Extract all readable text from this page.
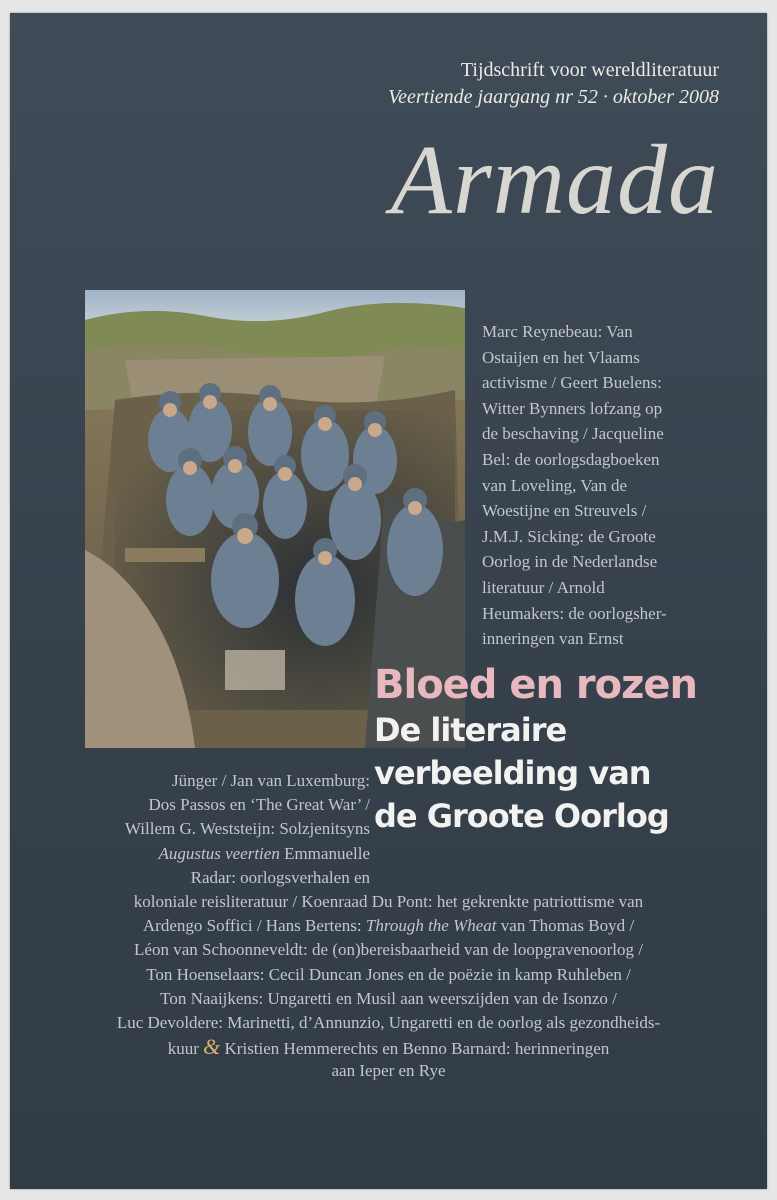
Tijdschrift voor wereldliteratuur
Veertiende jaargang nr 52 · oktober 2008
Armada
Marc Reynebeau: Van
Ostaijen en het Vlaams
activisme / Geert Buelens:
Witter Bynners lofzang op
de beschaving / Jacqueline
Bel: de oorlogsdagboeken
van Loveling, Van de
Woestijne en Streuvels /
J.M.J. Sicking: de Groote
Oorlog in de Nederlandse
literatuur / Arnold
Heumakers: de oorlogsher-
inneringen van Ernst
Bloed en rozen
De literaire
verbeelding van
de Groote Oorlog
Jünger / Jan van Luxemburg:
Dos Passos en ‘The Great War’ /
Willem G. Weststeijn: Solzjenitsyns
Augustus veertien Emmanuelle
Radar: oorlogsverhalen en
koloniale reisliteratuur / Koenraad Du Pont: het gekrenkte patriottisme van
Ardengo Soffici / Hans Bertens: Through the Wheat van Thomas Boyd /
Léon van Schoonneveldt: de (on)bereisbaarheid van de loopgravenoorlog /
Ton Hoenselaars: Cecil Duncan Jones en de poëzie in kamp Ruhleben /
Ton Naaijkens: Ungaretti en Musil aan weerszijden van de Isonzo /
Luc Devoldere: Marinetti, d’Annunzio, Ungaretti en de oorlog als gezondheids-
kuur & Kristien Hemmerechts en Benno Barnard: herinneringen
aan Ieper en Rye
